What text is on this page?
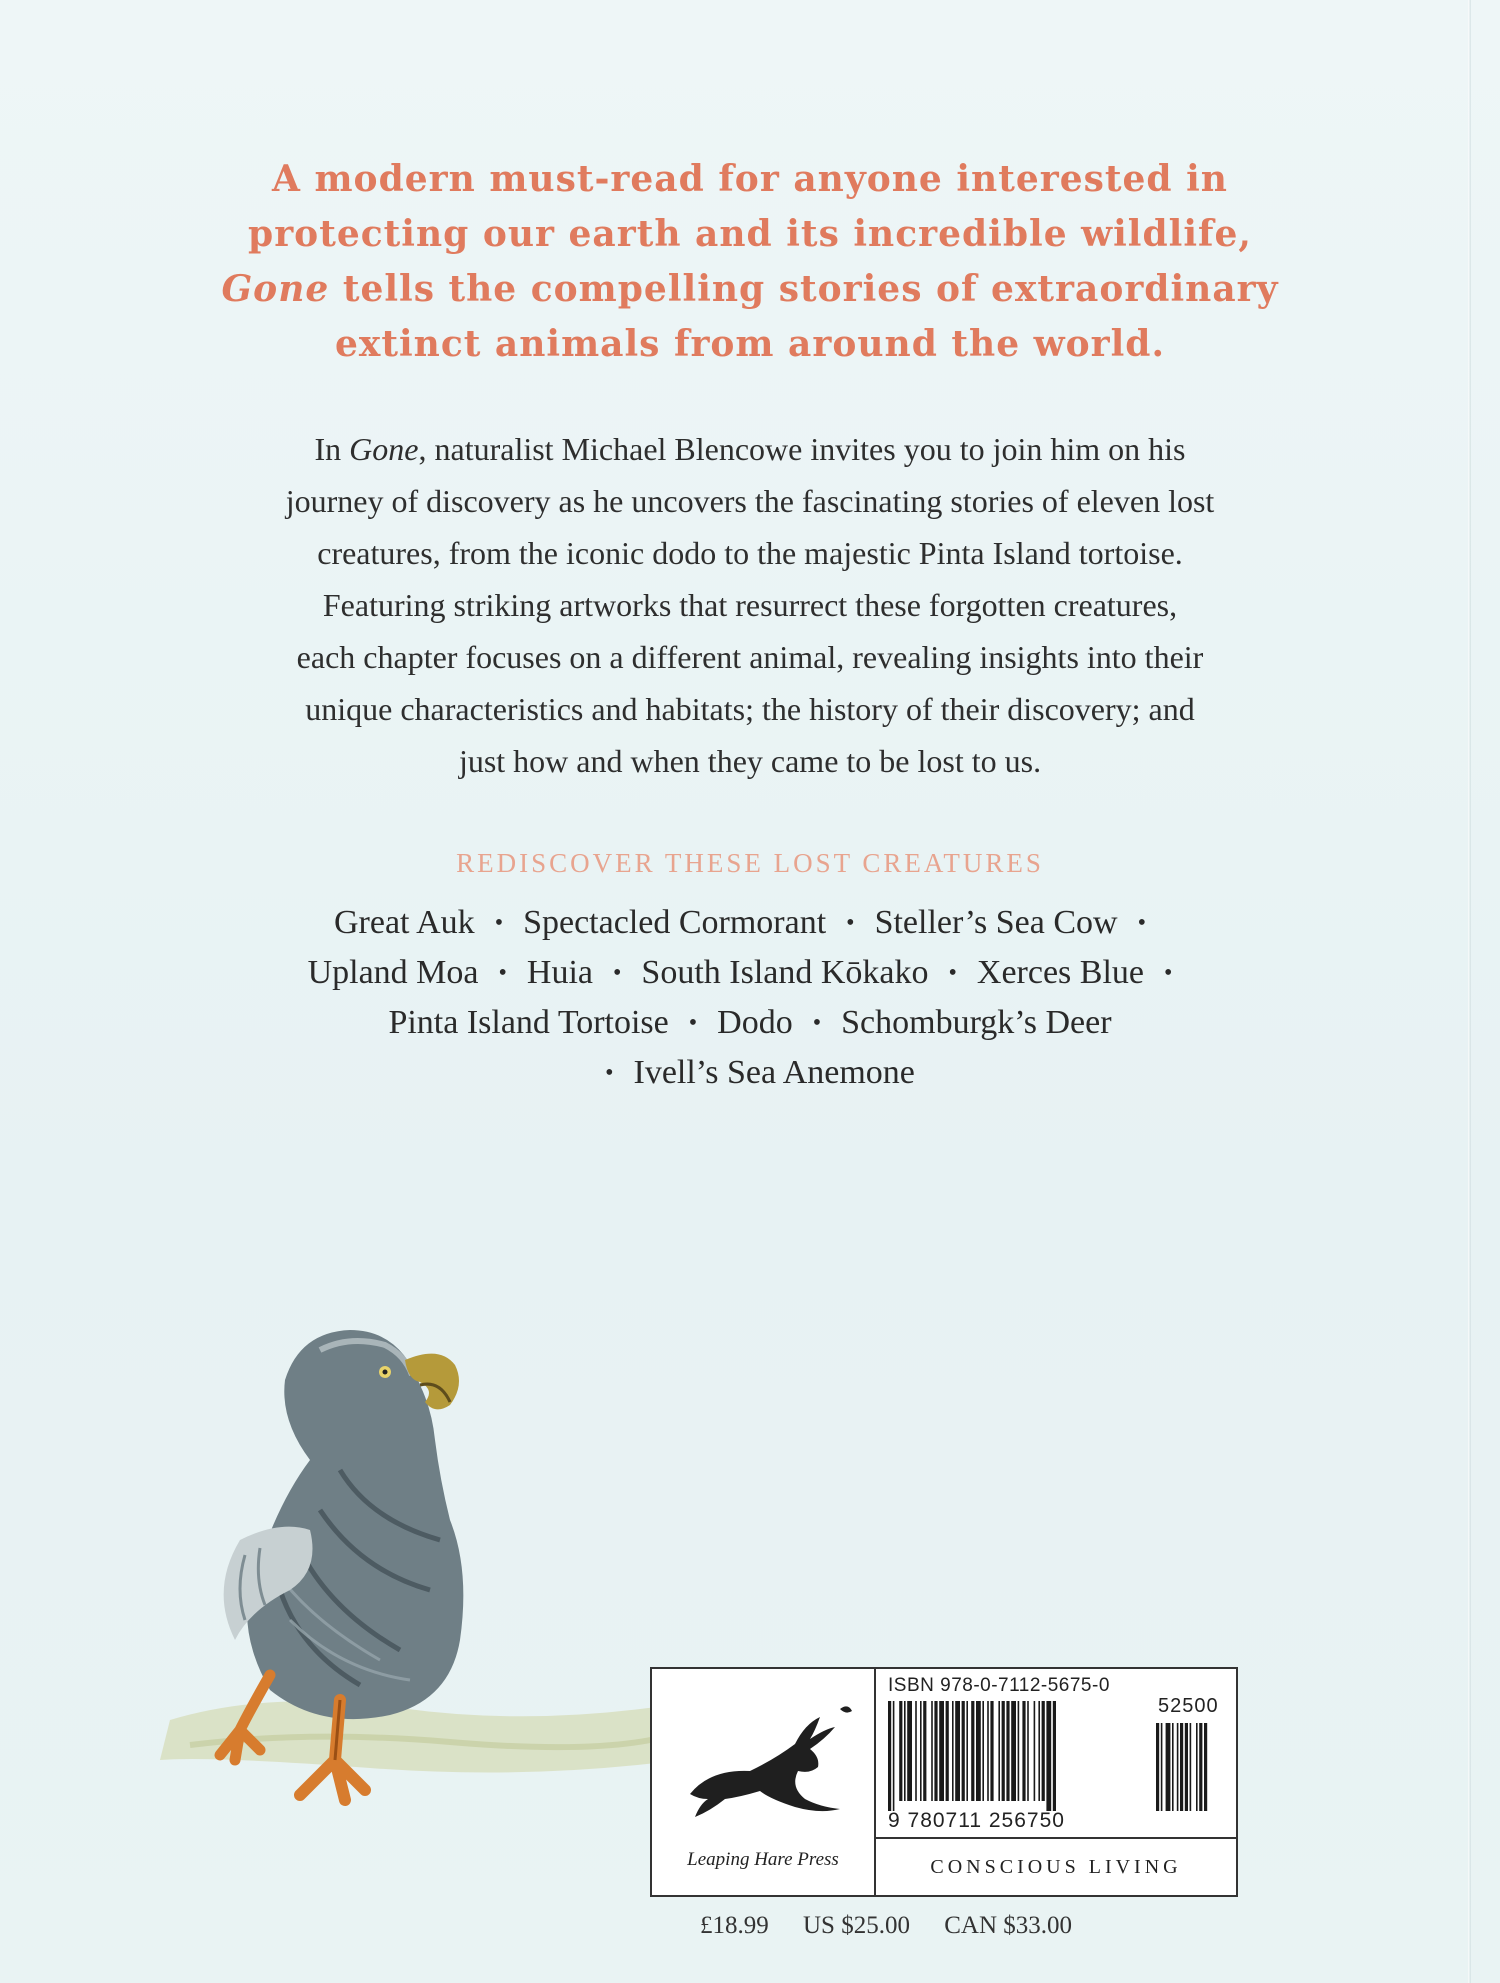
A modern must-read for anyone interested in
protecting our earth and its incredible wildlife,
Gone tells the compelling stories of extraordinary
extinct animals from around the world.
In Gone, naturalist Michael Blencowe invites you to join him on his
journey of discovery as he uncovers the fascinating stories of eleven lost
creatures, from the iconic dodo to the majestic Pinta Island tortoise.
Featuring striking artworks that resurrect these forgotten creatures,
each chapter focuses on a different animal, revealing insights into their
unique characteristics and habitats; the history of their discovery; and
just how and when they came to be lost to us.
REDISCOVER THESE LOST CREATURES
Great Auk • Spectacled Cormorant • Steller’s Sea Cow •
Upland Moa • Huia • South Island Kōkako • Xerces Blue •
Pinta Island Tortoise • Dodo • Schomburgk’s Deer
• Ivell’s Sea Anemone
Leaping Hare Press
ISBN 978-0-7112-5675-0
52500
9 780711 256750
CONSCIOUS LIVING
£18.99 US $25.00 CAN $33.00
